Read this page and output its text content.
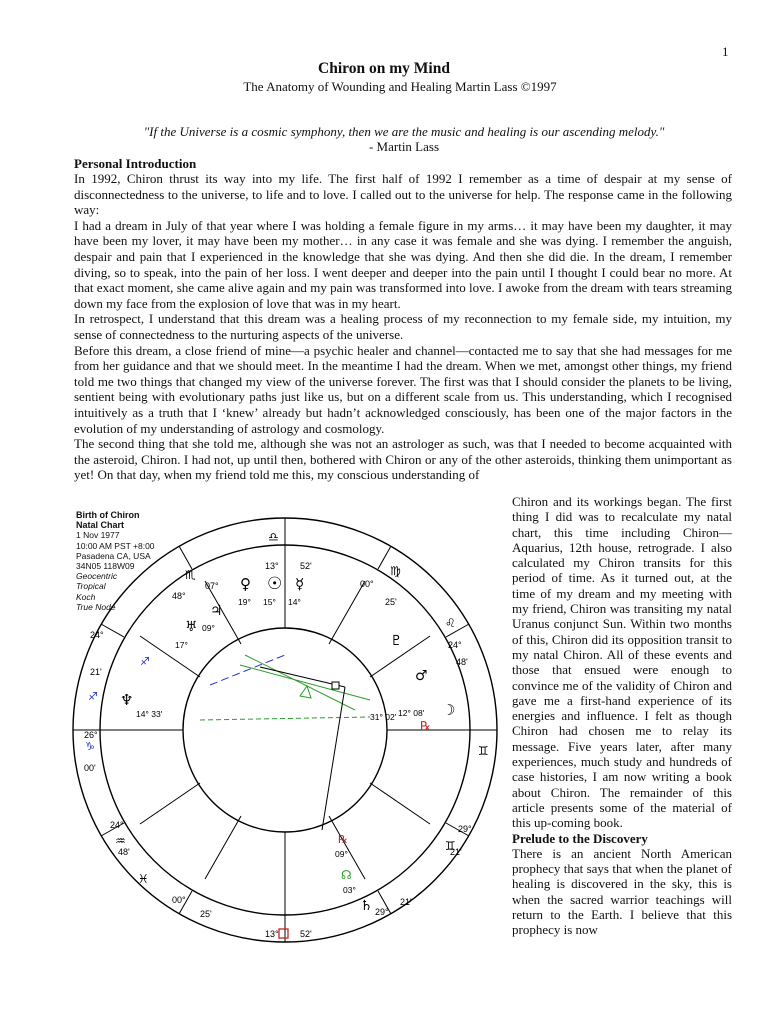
1
Chiron on my Mind
The Anatomy of Wounding and Healing Martin Lass ©1997
"If the Universe is a cosmic symphony, then we are the music and healing is our ascending melody."
- Martin Lass
Personal Introduction

In 1992, Chiron thrust its way into my life. The first half of 1992 I remember as a time of despair at my sense of disconnectedness to the universe, to life and to love. I called out to the universe for help. The response came in the following way:

I had a dream in July of that year where I was holding a female figure in my arms… it may have been my daughter, it may have been my lover, it may have been my mother… in any case it was female and she was dying. I remember the anguish, despair and pain that I experienced in the knowledge that she was dying. And then she did die. In the dream, I remember diving, so to speak, into the pain of her loss. I went deeper and deeper into the pain until I thought I could bear no more. At that exact moment, she came alive again and my pain was transformed into love. I awoke from the dream with tears streaming down my face from the explosion of love that was in my heart.

In retrospect, I understand that this dream was a healing process of my reconnection to my female side, my intuition, my sense of connectedness to the nurturing aspects of the universe.

Before this dream, a close friend of mine—a psychic healer and channel—contacted me to say that she had messages for me from her guidance and that we should meet. In the meantime I had the dream. When we met, amongst other things, my friend told me two things that changed my view of the universe forever. The first was that I should consider the planets to be living, sentient being with evolutionary paths just like us, but on a different scale from us. This understanding, which I recognised intuitively as a truth that I ‘knew’ already but hadn’t acknowledged consciously, has been one of the major factors in the evolution of my understanding of astrology and cosmology.

The second thing that she told me, although she was not an astrologer as such, was that I needed to become acquainted with the asteroid, Chiron. I had not, up until then, bothered with Chiron or any of the other asteroids, thinking them unimportant as yet! On that day, when my friend told me this, my conscious understanding of

13° 52'
00°
25'
24°
48'
26°
00'
29°
21'
24°
48'
13° 52'
00°
25'	29°
21'
07°
48°
21'
24°
♀ ☉ ☿
♃
♅
♆
♇
♂
☽
℞
℞
☊
♄
♐
♐
♑
♒
♓
♎
♏
♊
♊
♍
♌
19° 15° 14°
09°
17°
14° 33'	12° 08'
31° 02'
09°
03°
Birth of Chiron
Natal Chart
1 Nov 1977
10:00 AM PST +8:00
Pasadena CA, USA
34N05 118W09
Geocentric
Tropical
Koch
True Node

Chiron and its workings began. The first thing I did was to recalculate my natal chart, this time including Chiron—Aquarius, 12th house, retrograde. I also calculated my Chiron transits for this period of time. As it turned out, at the time of my dream and my meeting with my friend, Chiron was transiting my natal Uranus conjunct Sun. Within two months of this, Chiron did its opposition transit to my natal Chiron. All of these events and those that ensued were enough to convince me of the validity of Chiron and gave me a first-hand experience of its energies and influence. I felt as though Chiron had chosen me to relay its message. Five years later, after many experiences, much study and hundreds of case histories, I am now writing a book about Chiron. The remainder of this article presents some of the material of this up-coming book.

Prelude to the Discovery

There is an ancient North American prophecy that says that when the planet of healing is discovered in the sky, this is when the sacred warrior teachings will return to the Earth. I believe that this prophecy is now
